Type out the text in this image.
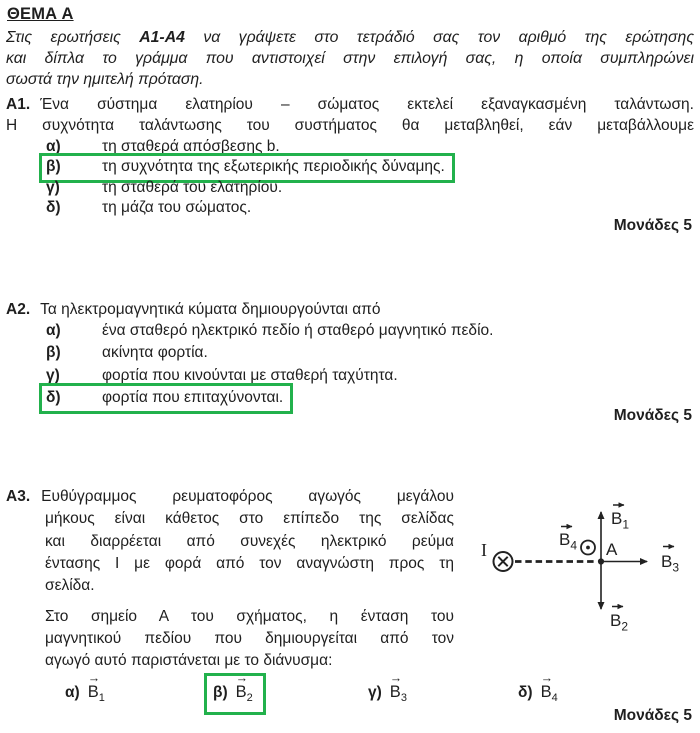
ΘΕΜΑ Α
Στις ερωτήσεις Α1-Α4 να γράψετε στο τετράδιό σας τον αριθμό της ερώτησης
και δίπλα το γράμμα που αντιστοιχεί στην επιλογή σας, η οποία συμπληρώνει
σωστά την ημιτελή πρόταση.
A1. Ένα σύστημα ελατηρίου – σώματος εκτελεί εξαναγκασμένη ταλάντωση.
Η συχνότητα ταλάντωσης του συστήματος θα μεταβληθεί, εάν μεταβάλλουμε
α)	τη σταθερά απόσβεσης b.
β)	τη συχνότητα της εξωτερικής περιοδικής δύναμης.
γ)	τη σταθερά του ελατηρίου.
δ)	τη μάζα του σώματος.
Μονάδες 5
A2. Τα ηλεκτρομαγνητικά κύματα δημιουργούνται από
α)	ένα σταθερό ηλεκτρικό πεδίο ή σταθερό μαγνητικό πεδίο.
β)	ακίνητα φορτία.
γ)	φορτία που κινούνται με σταθερή ταχύτητα.
δ)	φορτία που επιταχύνονται.
Μονάδες 5
A3. Ευθύγραμμος ρευματοφόρος αγωγός μεγάλου
μήκους είναι κάθετος στο επίπεδο της σελίδας
και διαρρέεται από συνεχές ηλεκτρικό ρεύμα
έντασης I με φορά από τον αναγνώστη προς τη
σελίδα.
Στο σημείο Α του σχήματος, η ένταση του
μαγνητικού πεδίου που δημιουργείται από τον
αγωγό αυτό παριστάνεται με το διάνυσμα:
I	A
$B_1$
$B_2$
$B_3$
$B_4$
$\alpha) \to B_1$	$\beta) \to B_2$	$\gamma) \to B_3$	$\delta) \to B_4$
Μονάδες 5
